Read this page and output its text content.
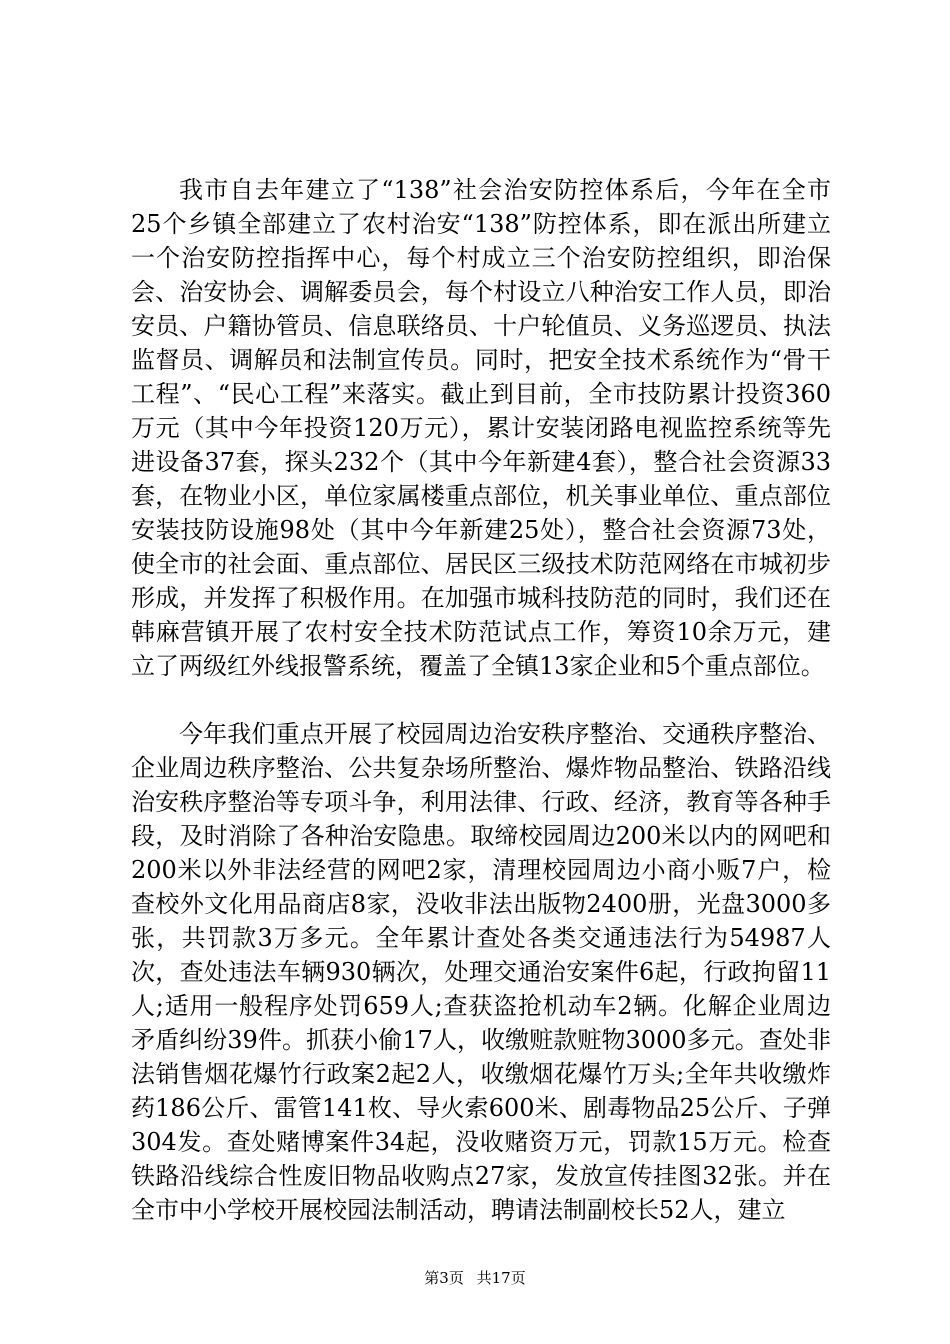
我市自去年建立了“138”社会治安防控体系后，今年在全市25个乡镇全部建立了农村治安“138”防控体系，即在派出所建立一个治安防控指挥中心，每个村成立三个治安防控组织，即治保会、治安协会、调解委员会，每个村设立八种治安工作人员，即治安员、户籍协管员、信息联络员、十户轮值员、义务巡逻员、执法监督员、调解员和法制宣传员。同时，把安全技术系统作为“骨干工程”、“民心工程”来落实。截止到目前，全市技防累计投资360万元（其中今年投资120万元），累计安装闭路电视监控系统等先进设备37套，探头232个（其中今年新建4套），整合社会资源33套，在物业小区，单位家属楼重点部位，机关事业单位、重点部位安装技防设施98处（其中今年新建25处），整合社会资源73处，使全市的社会面、重点部位、居民区三级技术防范网络在市城初步形成，并发挥了积极作用。在加强市城科技防范的同时，我们还在韩麻营镇开展了农村安全技术防范试点工作，筹资10余万元，建立了两级红外线报警系统，覆盖了全镇13家企业和5个重点部位。

今年我们重点开展了校园周边治安秩序整治、交通秩序整治、企业周边秩序整治、公共复杂场所整治、爆炸物品整治、铁路沿线治安秩序整治等专项斗争，利用法律、行政、经济，教育等各种手段，及时消除了各种治安隐患。取缔校园周边200米以内的网吧和200米以外非法经营的网吧2家，清理校园周边小商小贩7户，检查校外文化用品商店8家，没收非法出版物2400册，光盘3000多张，共罚款3万多元。全年累计查处各类交通违法行为54987人次，查处违法车辆930辆次，处理交通治安案件6起，行政拘留11人;适用一般程序处罚659人;查获盗抢机动车2辆。化解企业周边矛盾纠纷39件。抓获小偷17人，收缴赃款赃物3000多元。查处非法销售烟花爆竹行政案2起2人，收缴烟花爆竹万头;全年共收缴炸药186公斤、雷管141枚、导火索600米、剧毒物品25公斤、子弹304发。查处赌博案件34起，没收赌资万元，罚款15万元。检查铁路沿线综合性废旧物品收购点27家，发放宣传挂图32张。并在全市中小学校开展校园法制活动，聘请法制副校长52人，建立

第3页 共17页
